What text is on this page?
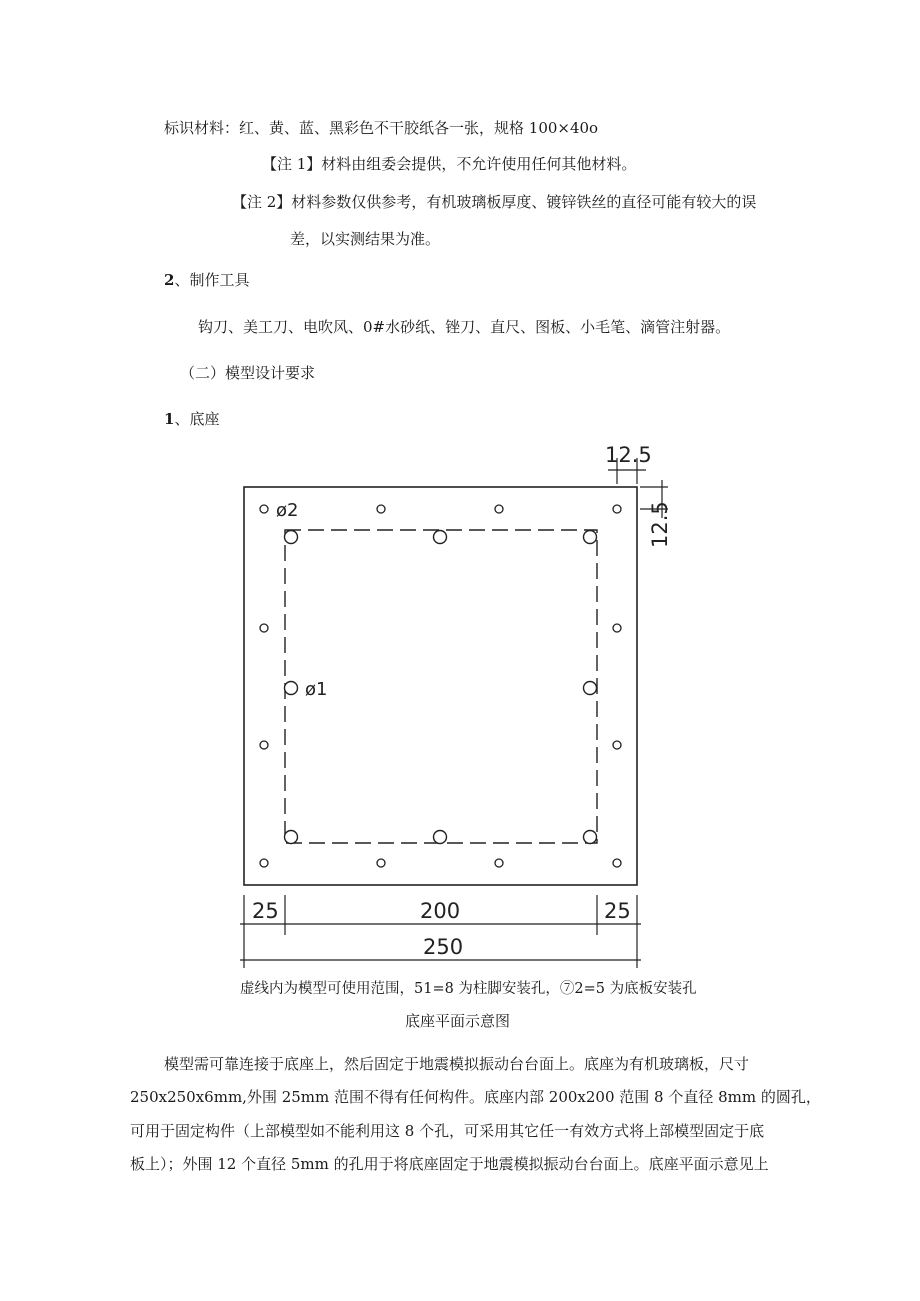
标识材料：红、黄、蓝、黑彩色不干胶纸各一张，规格 100×40o
【注 1】材料由组委会提供，不允许使用任何其他材料。
【注 2】材料参数仅供参考，有机玻璃板厚度、镀锌铁丝的直径可能有较大的误
差，以实测结果为准。
2、制作工具
钩刀、美工刀、电吹风、0#水砂纸、锉刀、直尺、图板、小毛笔、滴管注射器。
（二）模型设计要求
1、底座
ø2
ø1
12.5
12.5
25	200	25
250
虚线内为模型可使用范围，51=8 为柱脚安装孔，⑦2=5 为底板安装孔
底座平面示意图
模型需可靠连接于底座上，然后固定于地震模拟振动台台面上。底座为有机玻璃板，尺寸
250x250x6mm,外围 25mm 范围不得有任何构件。底座内部 200x200 范围 8 个直径 8mm 的圆孔，
可用于固定构件（上部模型如不能利用这 8 个孔，可采用其它任一有效方式将上部模型固定于底
板上）；外围 12 个直径 5mm 的孔用于将底座固定于地震模拟振动台台面上。底座平面示意见上
